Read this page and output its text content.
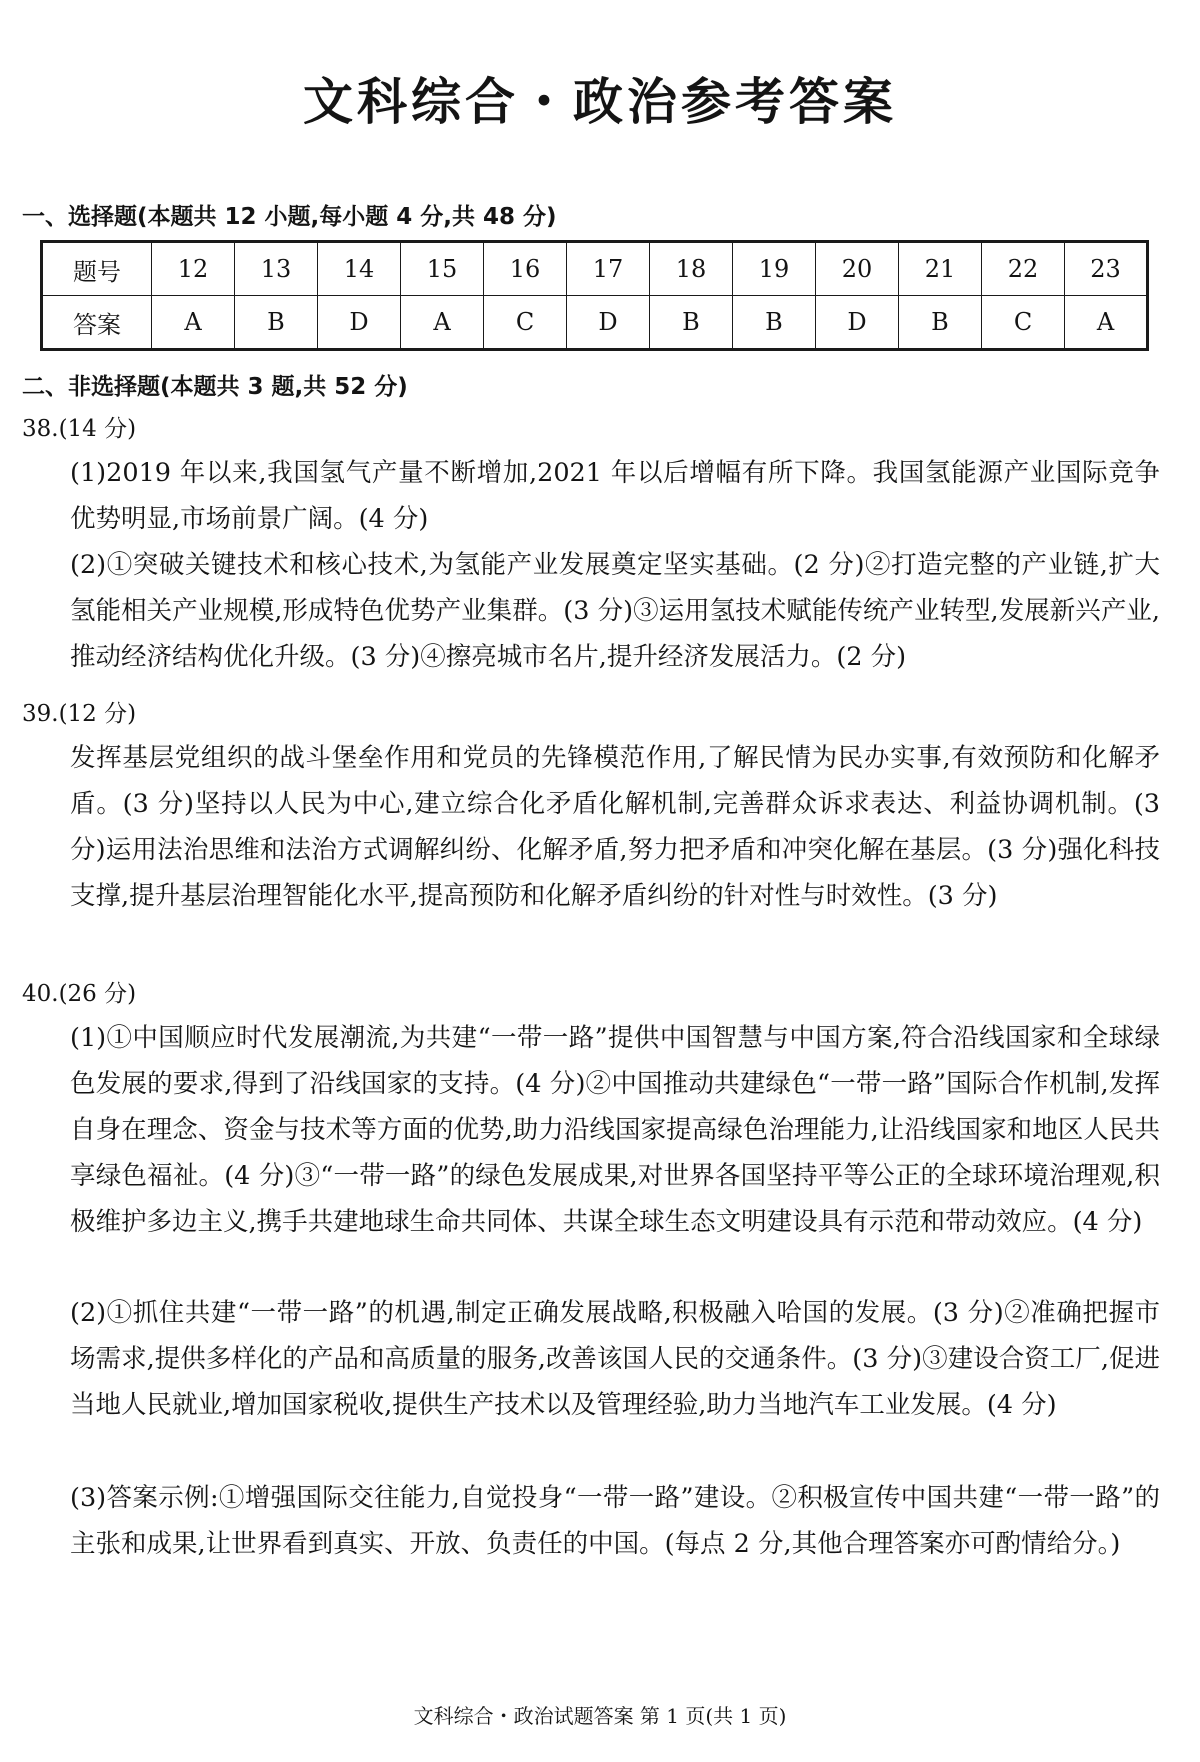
文科综合・政治参考答案
一、选择题(本题共 12 小题,每小题 4 分,共 48 分)
题号	12	13	14	15	16	17	18	19	20	21	22	23
答案	A	B	D	A	C	D	B	B	D	B	C	A
二、非选择题(本题共 3 题,共 52 分)
38.(14 分)
(1)2019 年以来,我国氢气产量不断增加,2021 年以后增幅有所下降。我国氢能源产业国际竞争优势明显,市场前景广阔。(4 分)
(2)①突破关键技术和核心技术,为氢能产业发展奠定坚实基础。(2 分)②打造完整的产业链,扩大氢能相关产业规模,形成特色优势产业集群。(3 分)③运用氢技术赋能传统产业转型,发展新兴产业,推动经济结构优化升级。(3 分)④擦亮城市名片,提升经济发展活力。(2 分)
39.(12 分)
发挥基层党组织的战斗堡垒作用和党员的先锋模范作用,了解民情为民办实事,有效预防和化解矛盾。(3 分)坚持以人民为中心,建立综合化矛盾化解机制,完善群众诉求表达、利益协调机制。(3 分)运用法治思维和法治方式调解纠纷、化解矛盾,努力把矛盾和冲突化解在基层。(3 分)强化科技支撑,提升基层治理智能化水平,提高预防和化解矛盾纠纷的针对性与时效性。(3 分)
40.(26 分)
(1)①中国顺应时代发展潮流,为共建“一带一路”提供中国智慧与中国方案,符合沿线国家和全球绿色发展的要求,得到了沿线国家的支持。(4 分)②中国推动共建绿色“一带一路”国际合作机制,发挥自身在理念、资金与技术等方面的优势,助力沿线国家提高绿色治理能力,让沿线国家和地区人民共享绿色福祉。(4 分)③“一带一路”的绿色发展成果,对世界各国坚持平等公正的全球环境治理观,积极维护多边主义,携手共建地球生命共同体、共谋全球生态文明建设具有示范和带动效应。(4 分)
(2)①抓住共建“一带一路”的机遇,制定正确发展战略,积极融入哈国的发展。(3 分)②准确把握市场需求,提供多样化的产品和高质量的服务,改善该国人民的交通条件。(3 分)③建设合资工厂,促进当地人民就业,增加国家税收,提供生产技术以及管理经验,助力当地汽车工业发展。(4 分)
(3)答案示例:①增强国际交往能力,自觉投身“一带一路”建设。②积极宣传中国共建“一带一路”的主张和成果,让世界看到真实、开放、负责任的中国。(每点 2 分,其他合理答案亦可酌情给分。)
文科综合・政治试题答案 第 1 页(共 1 页)
